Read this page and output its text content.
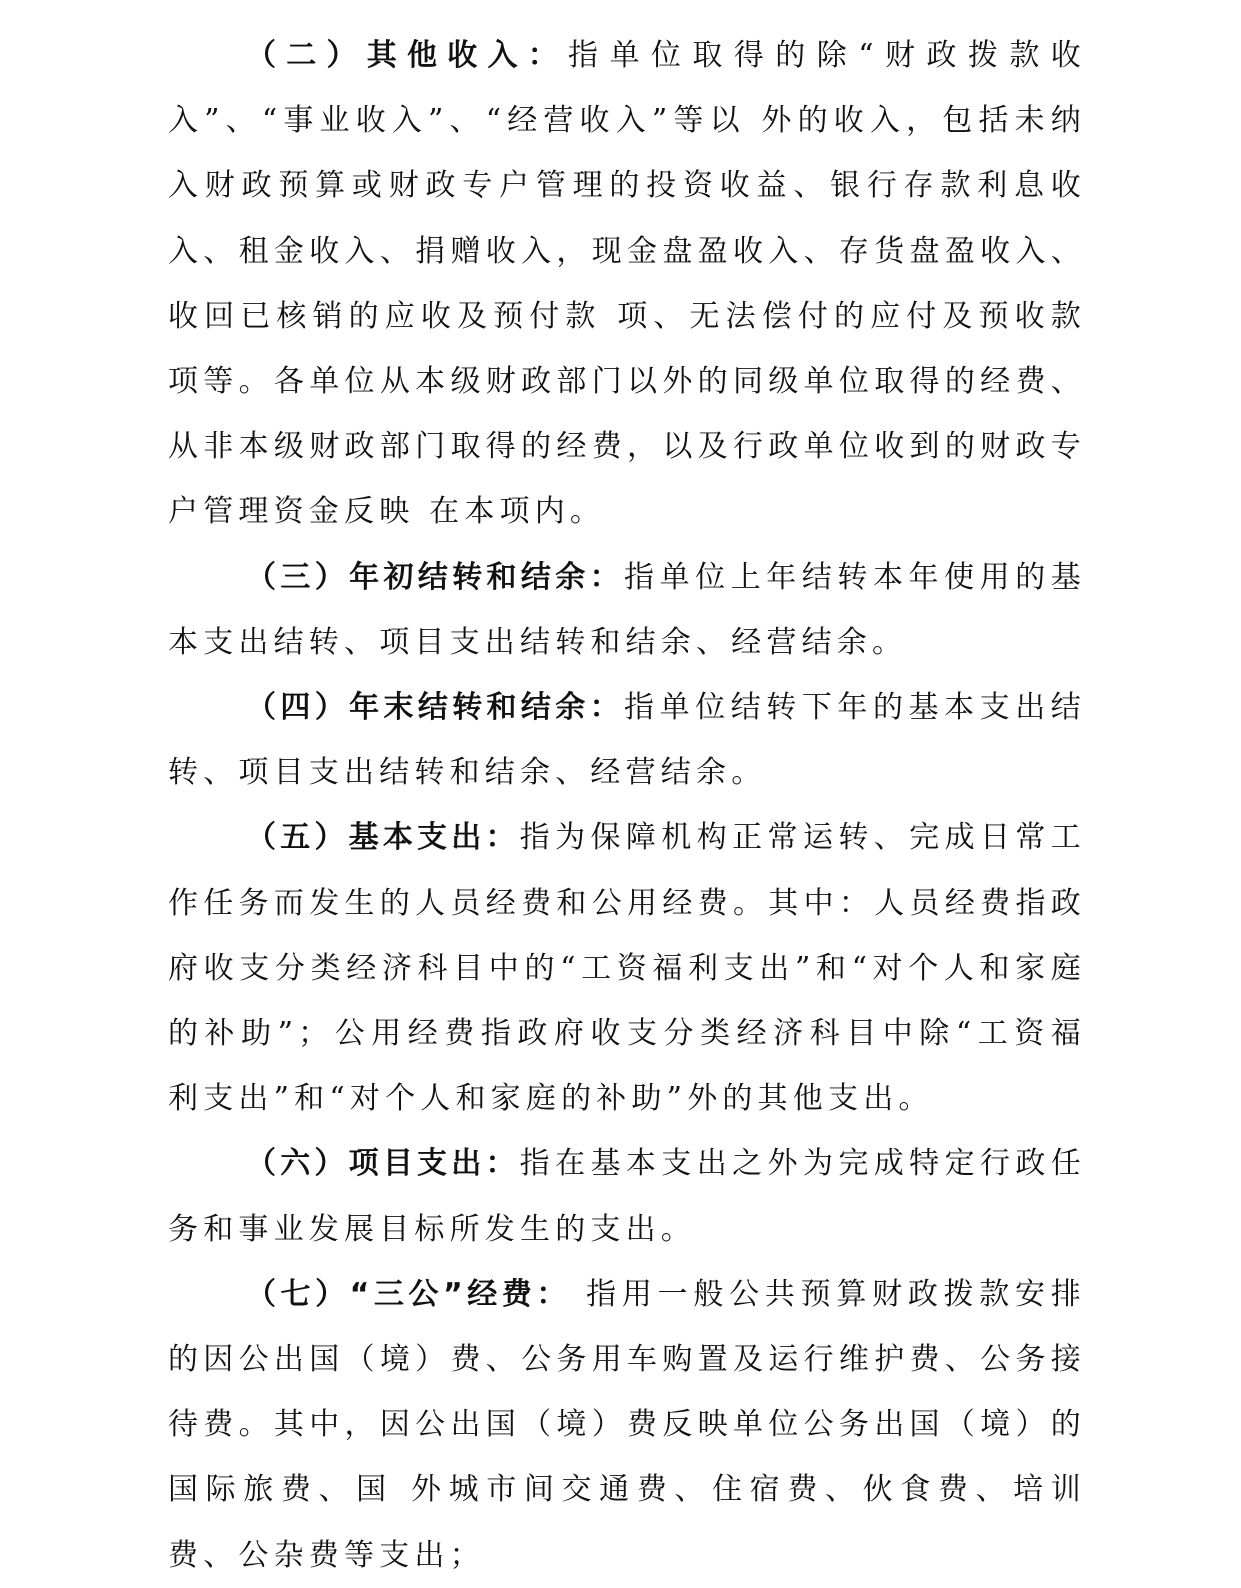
（二）其他收入：指单位取得的除“财政拨款收入”、“事业收入”、“经营收入”等以 外的收入，包括未纳入财政预算或财政专户管理的投资收益、银行存款利息收入、租金收入、捐赠收入，现金盘盈收入、存货盘盈收入、收回已核销的应收及预付款 项、无法偿付的应付及预收款项等。各单位从本级财政部门以外的同级单位取得的经费、从非本级财政部门取得的经费，以及行政单位收到的财政专户管理资金反映 在本项内。

（三）年初结转和结余：指单位上年结转本年使用的基本支出结转、项目支出结转和结余、经营结余。

（四）年末结转和结余：指单位结转下年的基本支出结转、项目支出结转和结余、经营结余。

（五）基本支出：指为保障机构正常运转、完成日常工作任务而发生的人员经费和公用经费。其中：人员经费指政府收支分类经济科目中的“工资福利支出”和“对个人和家庭的补助”；公用经费指政府收支分类经济科目中除“工资福利支出”和“对个人和家庭的补助”外的其他支出。

（六）项目支出：指在基本支出之外为完成特定行政任务和事业发展目标所发生的支出。

（七）“三公”经费： 指用一般公共预算财政拨款安排的因公出国（境）费、公务用车购置及运行维护费、公务接待费。其中，因公出国（境）费反映单位公务出国（境）的国际旅费、国 外城市间交通费、住宿费、伙食费、培训费、公杂费等支出；
